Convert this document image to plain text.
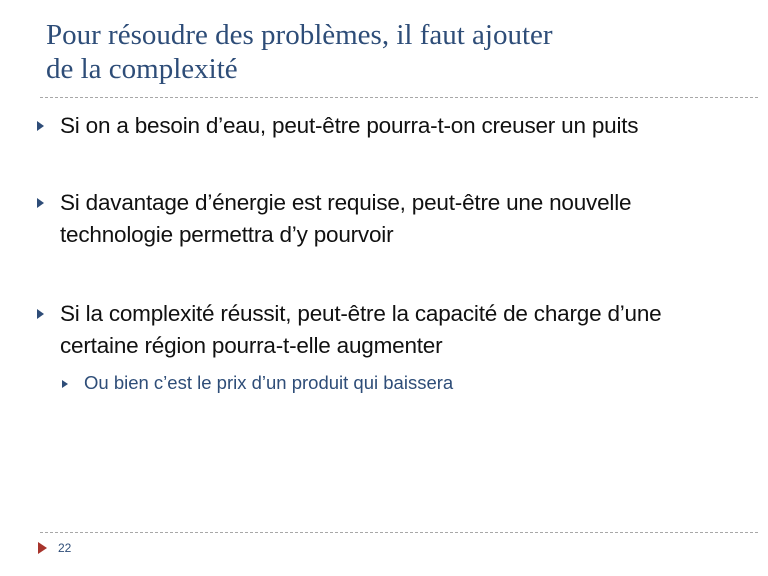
Pour résoudre des problèmes, il faut ajouter
de la complexité
Si on a besoin d’eau, peut-être pourra-t-on creuser un puits
Si davantage d’énergie est requise, peut-être une nouvelle
technologie permettra d’y pourvoir
Si la complexité réussit, peut-être la capacité de charge d’une
certaine région pourra-t-elle augmenter
Ou bien c’est le prix d’un produit qui baissera
22
